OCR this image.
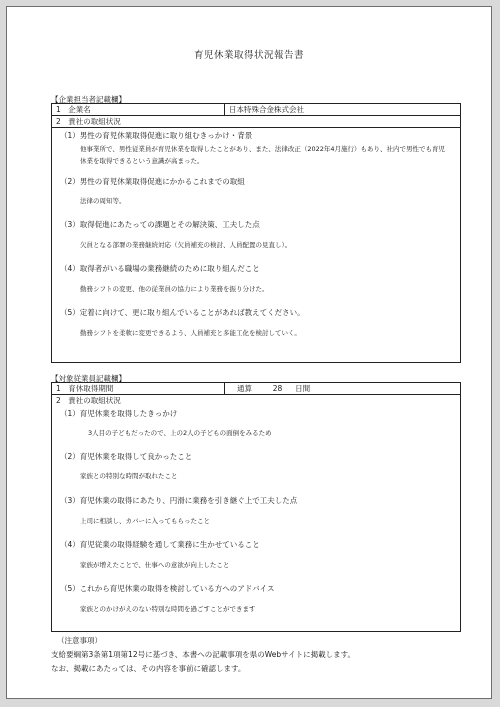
育児休業取得状況報告書
【企業担当者記載欄】
1　企業名	日本特殊合金株式会社
2　貴社の取組状況
（1）男性の育児休業取得促進に取り組むきっかけ・背景
他事業所で、男性従業員が育児休業を取得したことがあり、また、法律改正（2022年4月施行）もあり、社内で男性でも育児休業を取得できるという意識が高まった。
（2）男性の育児休業取得促進にかかるこれまでの取組
法律の周知等。
（3）取得促進にあたっての課題とその解決策、工夫した点
欠員となる部署の業務継続対応（欠員補充の検討、人員配置の見直し）。
（4）取得者がいる職場の業務継続のために取り組んだこと
勤務シフトの変更、他の従業員の協力により業務を振り分けた。
（5）定着に向けて、更に取り組んでいることがあれば教えてください。
勤務シフトを柔軟に変更できるよう、人員補充と多能工化を検討していく。
【対象従業員記載欄】
1　育休取得期間	通算	28 日間
2　貴社の取組状況
（1）育児休業を取得したきっかけ
3人目の子どもだったので、上の2人の子どもの面倒をみるため
（2）育児休業を取得して良かったこと
家族との特別な時間が取れたこと
（3）育児休業の取得にあたり、円滑に業務を引き継ぐ上で工夫した点
上司に相談し、カバーに入ってもらったこと
（4）育児従業の取得経験を通して業務に生かせていること
家族が増えたことで、仕事への意欲が向上したこと
（5）これから育児休業の取得を検討している方へのアドバイス
家族とのかけがえのない特別な時間を過ごすことができます
（注意事項）
支給要綱第3条第1項第12号に基づき、本書への記載事項を県のWebサイトに掲載します。
なお、掲載にあたっては、その内容を事前に確認します。
